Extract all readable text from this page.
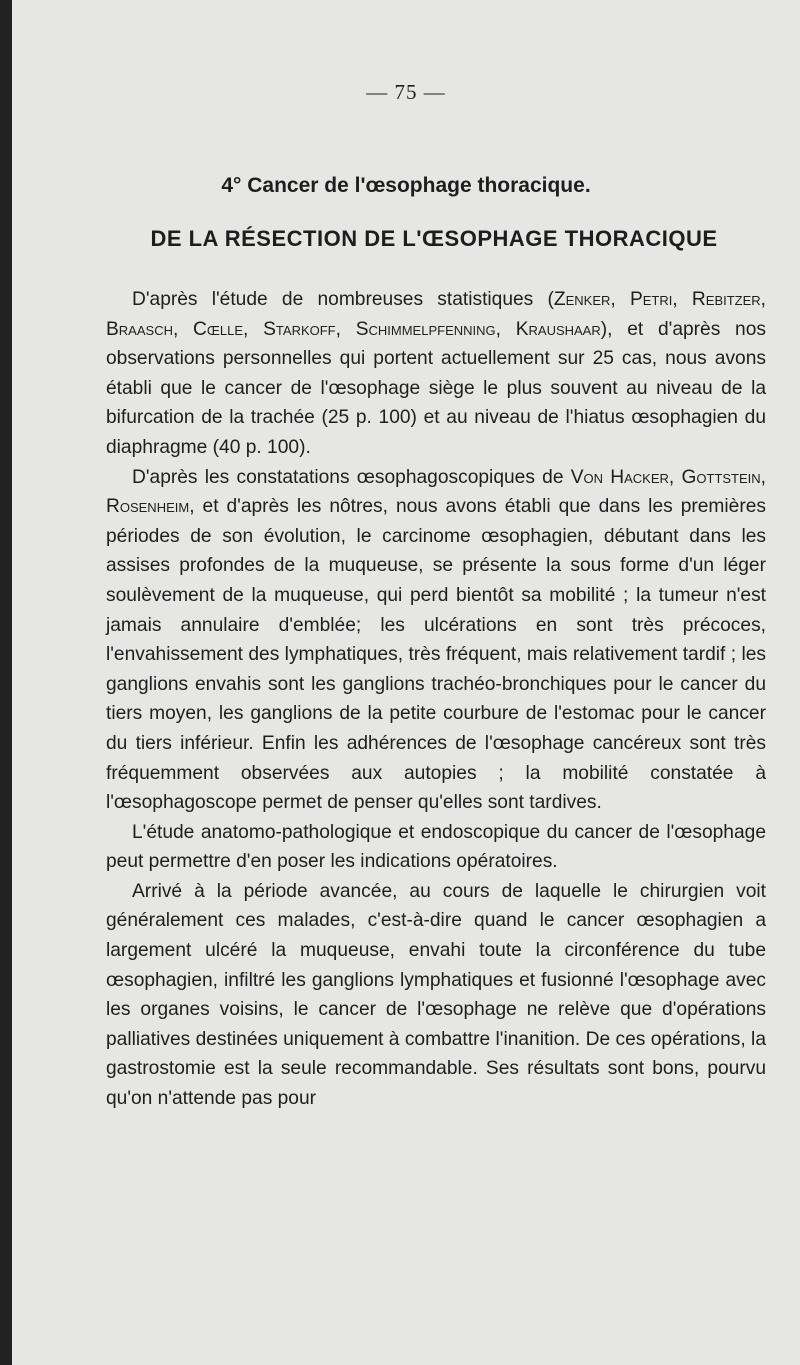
— 75 —
4° Cancer de l'œsophage thoracique.
DE LA RÉSECTION DE L'ŒSOPHAGE THORACIQUE

D'après l'étude de nombreuses statistiques (Zenker, Petri, Rebitzer, Braasch, Cœlle, Starkoff, Schimmelpfenning, Kraushaar), et d'après nos observations personnelles qui portent actuellement sur 25 cas, nous avons établi que le cancer de l'œsophage siège le plus souvent au niveau de la bifurcation de la trachée (25 p. 100) et au niveau de l'hiatus œsophagien du diaphragme (40 p. 100).

D'après les constatations œsophagoscopiques de Von Hacker, Gottstein, Rosenheim, et d'après les nôtres, nous avons établi que dans les premières périodes de son évolution, le carcinome œsophagien, débutant dans les assises profondes de la muqueuse, se présente la sous forme d'un léger soulèvement de la muqueuse, qui perd bientôt sa mobilité ; la tumeur n'est jamais annulaire d'emblée; les ulcérations en sont très précoces, l'envahissement des lymphatiques, très fréquent, mais relativement tardif ; les ganglions envahis sont les ganglions trachéo-bronchiques pour le cancer du tiers moyen, les ganglions de la petite courbure de l'estomac pour le cancer du tiers inférieur. Enfin les adhérences de l'œsophage cancéreux sont très fréquemment observées aux autopies ; la mobilité constatée à l'œsophagoscope permet de penser qu'elles sont tardives.

L'étude anatomo-pathologique et endoscopique du cancer de l'œsophage peut permettre d'en poser les indications opératoires.

Arrivé à la période avancée, au cours de laquelle le chirurgien voit généralement ces malades, c'est-à-dire quand le cancer œsophagien a largement ulcéré la muqueuse, envahi toute la circonférence du tube œsophagien, infiltré les ganglions lymphatiques et fusionné l'œsophage avec les organes voisins, le cancer de l'œsophage ne relève que d'opérations palliatives destinées uniquement à combattre l'inanition. De ces opérations, la gastrostomie est la seule recommandable. Ses résultats sont bons, pourvu qu'on n'attende pas pour
